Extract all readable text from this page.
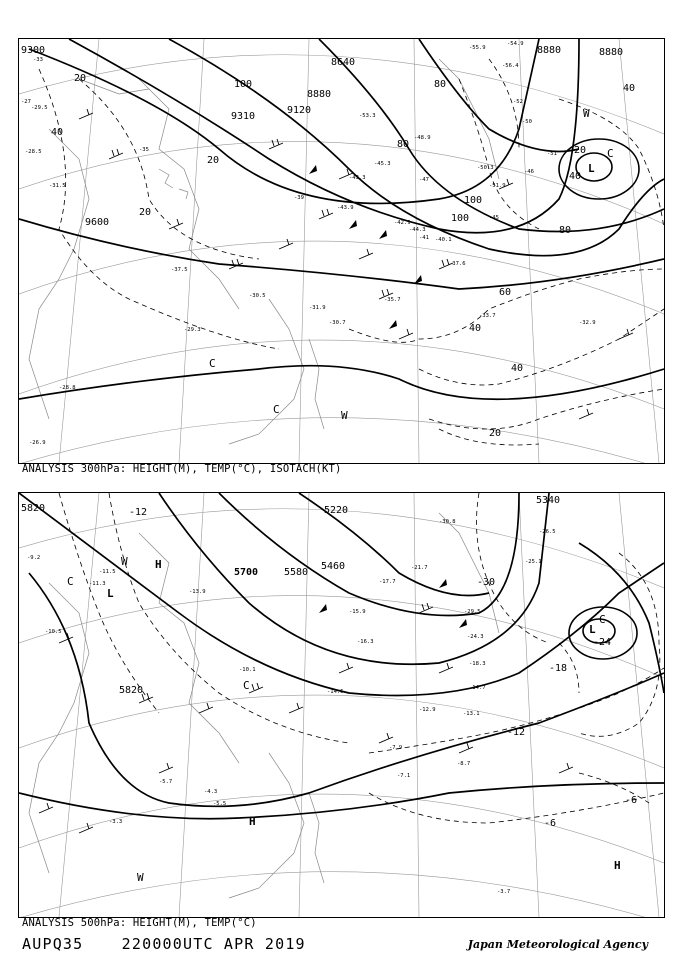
9300
9120
8880
8640
9600
9310
8880	8880
20
40
20
20
100
80
100
80
60
40
40
20
40
20
40
100
80
-33
-27
-29.5
-28.5
-31.5
-35
-37.5
-39
-43.3
-45.3
-48.9
-50.3
-51.9
-53.3
-55.9
-47
-41 -40.1
-37.6
-35.7
-33.7
-32.9
-30.7
-30.5
-29.3
-28.8
-26.9
-31.9
-43.9
-42.9
-44.3
-46
-45
-50
-52
-51
-56.4
-54.9
L
C
C
C	W
W
ANALYSIS 300hPa: HEIGHT(M), TEMP(°C), ISOTACH(KT)
5820
5700	5580
5460
5220
5340
5820
-12
-30
-18
-12
-6
-6
-24
-9.2
-11.3
-10.5
-13.9
-15.9
-16.3
-17.7
-21.7
-24.3
-26.5
-25.1
-29.5
-30.8
-18.3
-14.7
-13.1
-10.1
-7.9
-8.7
-7.1
-5.7
-5.5
-4.3
-3.3
-3.7
-11.5
-12.9
-14.5
H
H
H
L
L
C
C
C
W
W
ANALYSIS 500hPa: HEIGHT(M), TEMP(°C)
AUPQ35	220000UTC APR 2019	Japan Meteorological Agency
